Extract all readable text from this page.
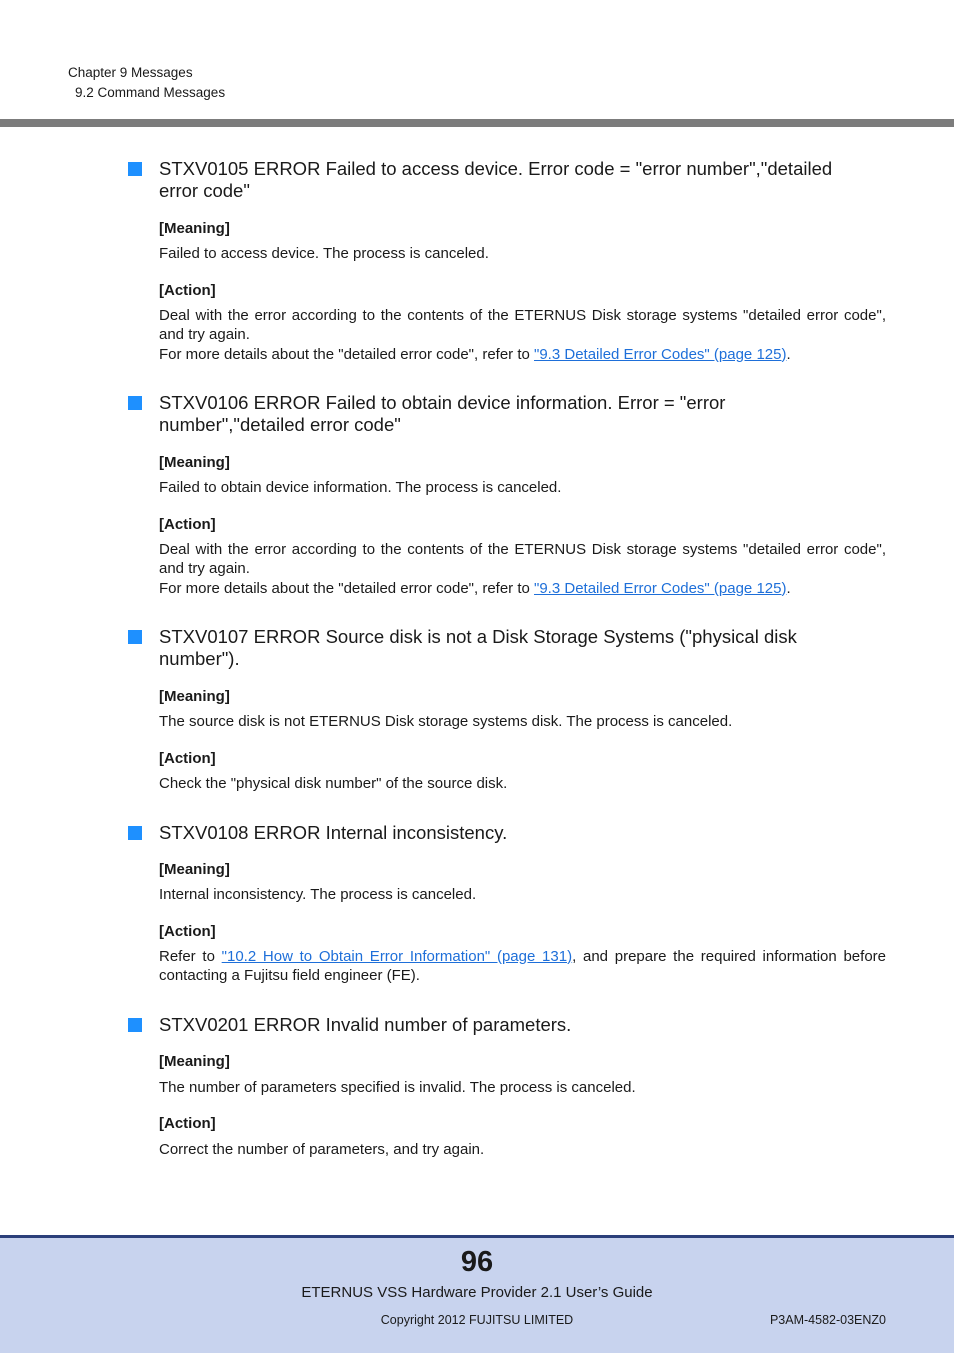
Chapter 9 Messages
9.2 Command Messages
STXV0105 ERROR Failed to access device. Error code = "error number","detailed
error code"
[Meaning]
Failed to access device. The process is canceled.
[Action]
Deal with the error according to the contents of the ETERNUS Disk storage systems "detailed error code", and try again.
For more details about the "detailed error code", refer to "9.3 Detailed Error Codes" (page 125).
STXV0106 ERROR Failed to obtain device information. Error = "error
number","detailed error code"
[Meaning]
Failed to obtain device information. The process is canceled.
[Action]
Deal with the error according to the contents of the ETERNUS Disk storage systems "detailed error code", and try again.
For more details about the "detailed error code", refer to "9.3 Detailed Error Codes" (page 125).
STXV0107 ERROR Source disk is not a Disk Storage Systems ("physical disk
number").
[Meaning]
The source disk is not ETERNUS Disk storage systems disk. The process is canceled.
[Action]
Check the "physical disk number" of the source disk.
STXV0108 ERROR Internal inconsistency.
[Meaning]
Internal inconsistency. The process is canceled.
[Action]
Refer to "10.2 How to Obtain Error Information" (page 131), and prepare the required information before contacting a Fujitsu field engineer (FE).
STXV0201 ERROR Invalid number of parameters.
[Meaning]
The number of parameters specified is invalid. The process is canceled.
[Action]
Correct the number of parameters, and try again.
96
ETERNUS VSS Hardware Provider 2.1 User’s Guide
Copyright 2012 FUJITSU LIMITED	P3AM-4582-03ENZ0
